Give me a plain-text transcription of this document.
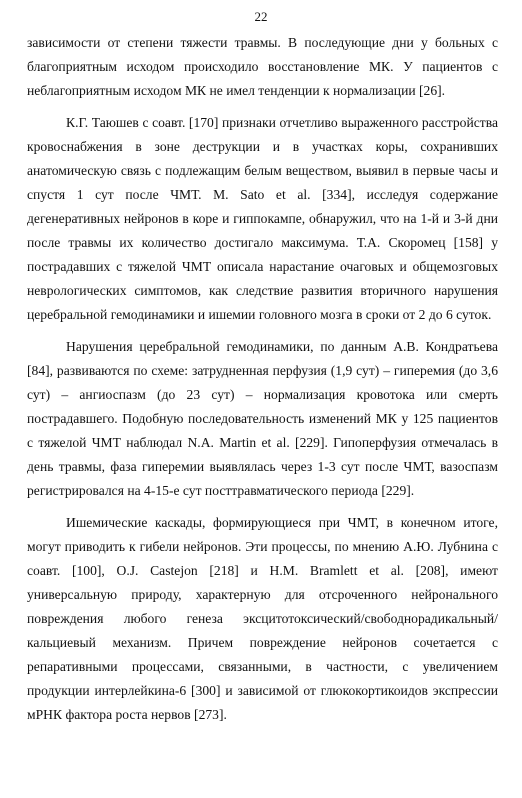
22

зависимости от степени тяжести травмы. В последующие дни у больных с благоприятным исходом происходило восстановление МК. У пациентов с неблагоприятным исходом МК не имел тенденции к нормализации [26].

К.Г. Таюшев с соавт. [170] признаки отчетливо выраженного расстройства кровоснабжения в зоне деструкции и в участках коры, сохранивших анатомическую связь с подлежащим белым веществом, выявил в первые часы и спустя 1 сут после ЧМТ. M. Sato et al. [334], исследуя содержание дегенеративных нейронов в коре и гиппокампе, обнаружил, что на 1-й и 3-й дни после травмы их количество достигало максимума. Т.А. Скоромец [158] у пострадавших с тяжелой ЧМТ описала нарастание очаговых и общемозговых неврологических симптомов, как следствие развития вторичного нарушения церебральной гемодинамики и ишемии головного мозга в сроки от 2 до 6 суток.

Нарушения церебральной гемодинамики, по данным А.В. Кондратьева [84], развиваются по схеме: затрудненная перфузия (1,9 сут) – гиперемия (до 3,6 сут) – ангиоспазм (до 23 сут) – нормализация кровотока или смерть пострадавшего. Подобную последовательность изменений МК у 125 пациентов с тяжелой ЧМТ наблюдал N.A. Martin et al. [229]. Гипоперфузия отмечалась в день травмы, фаза гиперемии выявлялась через 1-3 сут после ЧМТ, вазоспазм регистрировался на 4-15-е сут посттравматического периода [229].

Ишемические каскады, формирующиеся при ЧМТ, в конечном итоге, могут приводить к гибели нейронов. Эти процессы, по мнению А.Ю. Лубнина с соавт. [100], O.J. Castejon [218] и H.M. Bramlett et al. [208], имеют универсальную природу, характерную для отсроченного нейронального повреждения любого генеза эксцитотоксический/свободнорадикальный/ кальциевый механизм. Причем повреждение нейронов сочетается с репаративными процессами, связанными, в частности, с увеличением продукции интерлейкина-6 [300] и зависимой от глюкокортикоидов экспрессии мРНК фактора роста нервов [273].
